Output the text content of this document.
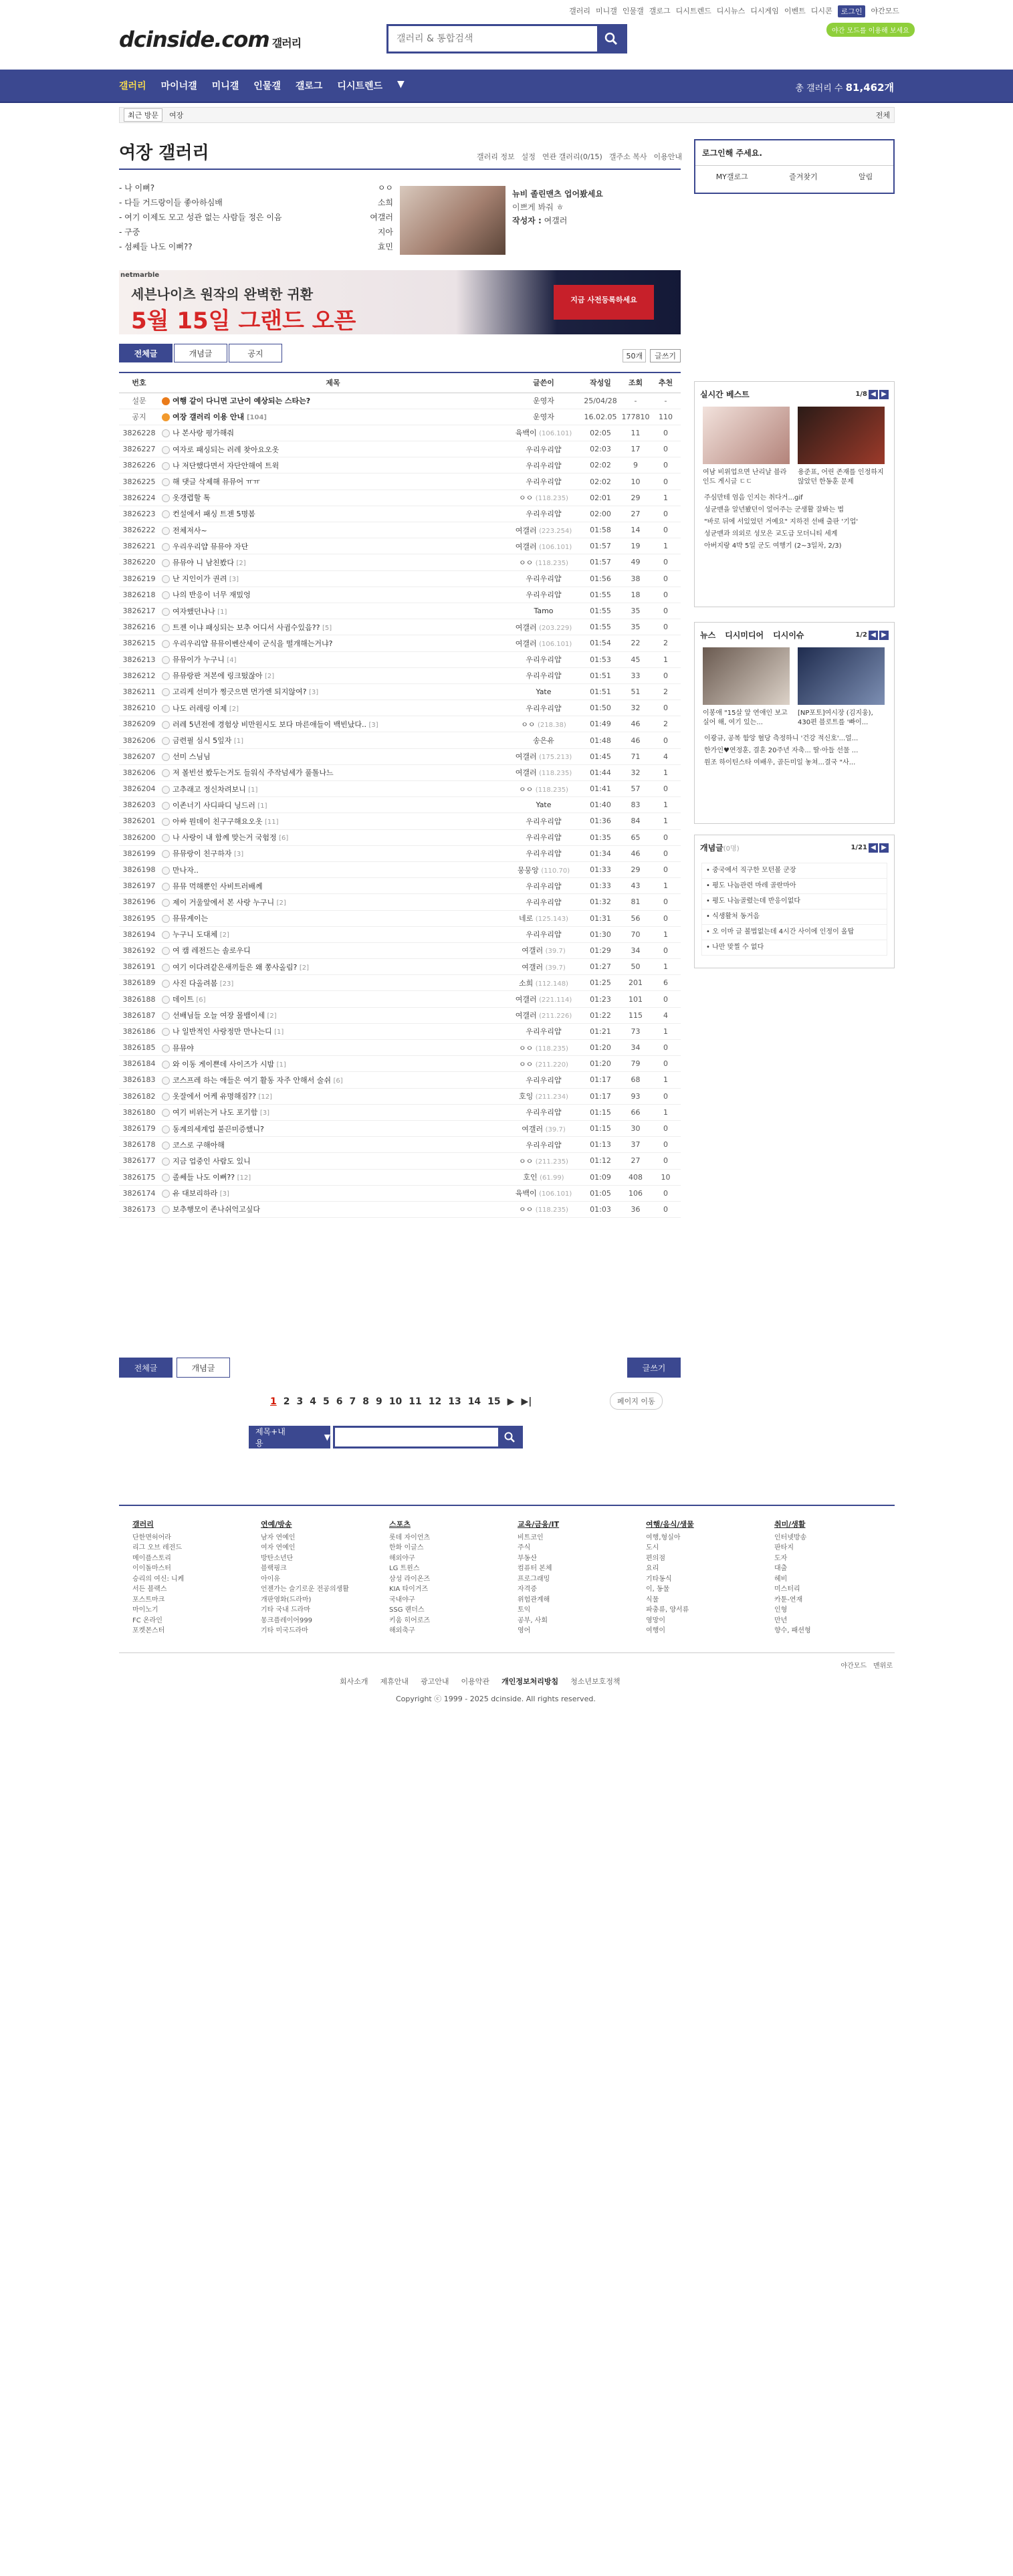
갤러리 미니갤 인물갤 갤로그 디시트렌드 디시뉴스 디시게임 이벤트 디시콘	로그인	야간모드
dcinside.com 갤러리
갤러리 & 통합검색
야간 모드를 이용해 보세요
갤러리 마이너갤 미니갤 인물갤 갤로그 디시트렌드 ▼	총 갤러리 수 81,462개
최근 방문	여장	전체
여장 갤러리	갤러리 정보 설정 연관 갤러리(0/15) 갤주소 복사 이용안내
- 나 이뻐?	ㅇㅇ
- 다들 거드랑이들 좋아하심배	소희
- 여기 이제도 모고 성관 없는 사람들 정은 이음	여갤러
- 구중	지아
- 섬쎄들 나도 이뻐??	효민
뉴비 졸린맨츠 업어봤세요
이쁘게 봐줘 ㅎ
작성자 : 여갤러
netmarble
세븐나이츠 원작의 완벽한 귀환
5월 15일 그랜드 오픈
지금 사전등록하세요
전체글	개념글	공지	50개	글쓰기
번호	제목	글쓴이	작성일	조회	추천
설문	여행 같이 다니면 고난이 예상되는 스타는?	운영자	25/04/28	-	-
공지	여장 갤러리 이용 안내 [104]	운영자	16.02.05	177810	110
3826228	나 본사랑 평가해줘	육백이 (106.101)	02:05	11	0
3826227	여자로 패싱되는 러레 찾아요오옷	우리우리얍	02:03	17	0
3826226	나 저단했다면서 자단안해여 트윅	우리우리얍	02:02	9	0
3826225	해 댓글 삭제해 뮤뮤어 ㅠㅠ	우리우리얍	02:02	10	0
3826224	옷갱렵할 톡	ㅇㅇ (118.235)	02:01	29	1
3826223	컨설에서 패싱 트젠 5명봄	우리우리얍	02:00	27	0
3826222	전체저사~	여갤러 (223.254)	01:58	14	0
3826221	우리우리얍 뮤뮤야 자단	여갤러 (106.101)	01:57	19	1
3826220	뮤뮤야 니 남친봤다 [2]	ㅇㅇ (118.235)	01:57	49	0
3826219	난 지인이가 권려 [3]	우리우리얍	01:56	38	0
3826218	나의 반응이 너무 재밌엉	우리우리얍	01:55	18	0
3826217	여자했던나나 [1]	Tamo	01:55	35	0
3826216	트젠 이냐 패싱되는 보추 어디서 사귐수있음?? [5]	여갤러 (203.229)	01:55	35	0
3826215	우리우리얍 뮤뮤이벤산세이 군식을 떨개해는거냐?	여갤러 (106.101)	01:54	22	2
3826213	뮤뮤이가 누구니 [4]	우리우리얍	01:53	45	1
3826212	뮤뮤랑판 저본에 링크떴잖아 [2]	우리우리얍	01:51	33	0
3826211	고리케 선미가 찡긋으면 먼가엔 되지않여? [3]	Yate	01:51	51	2
3826210	나도 러레링 이제 [2]	우리우리얍	01:50	32	0
3826209	러레 5년전에 경험상 비만원시도 보다 마른애들이 백빈났다.. [3]	ㅇㅇ (218.38)	01:49	46	2
3826206	금련필 심시 5잎자 [1]	송은유	01:48	46	0
3826207	선미 스님님	여갤러 (175.213)	01:45	71	4
3826206	저 볼빈선 봤두는거도 들워식 주작넘세가 풀톨나느	여갤러 (118.235)	01:44	32	1
3826204	고추래고 정신차려보니 [1]	ㅇㅇ (118.235)	01:41	57	0
3826203	이존너기 사디파디 닝드러 [1]	Yate	01:40	83	1
3826201	아싸 뭔데이 친구구해요오옷 [11]	우리우리얍	01:36	84	1
3826200	나 사랑이 내 함께 맞는거 국험정 [6]	우리우리얍	01:35	65	0
3826199	뮤뮤랑이 친구하자 [3]	우리우리얍	01:34	46	0
3826198	만나자..	뭉뭉앙 (110.70)	01:33	29	0
3826197	뮤뮤 먹해뿐인 사비트러배께	우리우리얍	01:33	43	1
3826196	제이 거울앞에서 본 사랑 누구니 [2]	우리우리얍	01:32	81	0
3826195	뮤뮤계이는	네로 (125.143)	01:31	56	0
3826194	누구니 도대체 [2]	우리우리얍	01:30	70	1
3826192	여 캠 레전드는 솔로우디	여갤러 (39.7)	01:29	34	0
3826191	여기 이다려같은새끼들은 왜 쫑사올림? [2]	여갤러 (39.7)	01:27	50	1
3826189	사진 다올려봄 [23]	소희 (112.148)	01:25	201	6
3826188	데이트 [6]	여갤러 (221.114)	01:23	101	0
3826187	선배님들 오늘 여장 몰뱀이세 [2]	여갤러 (211.226)	01:22	115	4
3826186	나 일반적인 사랑정만 만나는디 [1]	우리우리얍	01:21	73	1
3826185	뮤뮤야	ㅇㅇ (118.235)	01:20	34	0
3826184	와 이동 게이쁜데 사이즈가 시밤 [1]	ㅇㅇ (211.220)	01:20	79	0
3826183	코스프레 하는 애들은 여기 활동 자주 안해서 술쉬 [6]	우리우리얍	01:17	68	1
3826182	옷잘에서 어케 유명해짐?? [12]	호잉 (211.234)	01:17	93	0
3826180	여기 비위는거 나도 포기함 [3]	우리우리얍	01:15	66	1
3826179	동계의세계업 불끈미증했니?	여갤러 (39.7)	01:15	30	0
3826178	코스로 구해아해	우리우리얍	01:13	37	0
3826177	지금 업중인 사람도 있니	ㅇㅇ (211.235)	01:12	27	0
3826175	졸쎄들 나도 이뻐?? [12]	호인 (61.99)	01:09	408	10
3826174	유 대보리하라 [3]	육백이 (106.101)	01:05	106	0
3826173	보추행모이 존나쉬억고싶다	ㅇㅇ (118.235)	01:03	36	0
전체글	개념글	글쓰기
1 2 3 4 5 6 7 8 9 10 11 12 13 14 15 ▶ ▶|	페이지 이동
제목+내용
▼
로그인해 주세요.
MY갤로그	즐겨찾기	알림
실시간 베스트	1/8 ◀ ▶
여남 비위업으면 난리날 블라인드 게시글 ㄷㄷ
용준표, 어린 존재를 인정하지 않았던 한동훈 문제
주심만테 엄음 인지는 취다거...gif
성균맨을 알년봤던이 엎어주는 군생활 잘봐는 법
"바로 뒤에 서있었던 거예요" 지하전 선배 출판 '기업'
성균맨과 의외로 성모은 교도급 모더니티 세계
아버지랑 4박 5일 군도 여행기 (2~3일차, 2/3)
뉴스 디시미디어 디시이슈	1/2 ◀ ▶
이봉애 "15살 앞 연애인 보고 실어 해, 여기 있는...
[NP포토]여시장 (김지웅), 430편 블로트를 '빠이...
이광규, 공복 함앙 혈당 측정하니 '건강 적신호'...얼...
한가인♥연정훈, 결혼 20주년 자축... 딸·아들 선물 ...
원조 하이틴스타 여배우, 골든미일 놓쳐...결국 "사...
개념글(0명)	1/21 ◀ ▶
• 중국에서 직구한 모턴볼 군장
• 평도 나놈관련 마레 골란마아
• 평도 나놈골렸는데 반응이없다
• 식생활처 동거음
• 오 이마 글 볼법없는데 4시간 사이에 인정이 올탑
• 나만 맞찔 수 없다
갤러리
단한면허어라
리그 오브 레전드
메이플스토리
이이돌마스터
승리의 여신: 니케
서든 블랙스
포스트마크
마이노기
FC 온라인
포켓몬스터
연예/방송
남자 연예인
여자 연예인
방탄소년단
블랙핑크
아이유
언젠가는 슬기로운 전공의생활
개판영화(드라마)
기타 국내 드라마
몽크플레이어999
기타 미국드라마
스포츠
롯데 자이언츠
한화 이글스
해외야구
LG 트윈스
삼성 라이온즈
KIA 타이거즈
국내야구
SSG 랜더스
키움 히어로즈
해외축구
교육/금융/IT
비트코인
주식
부동산
컴퓨터 본체
프로그래밍
자격증
위험관계해
토익
공부, 사회
영어
여행/음식/생물
여행,형실아
도시
편의점
요리
기타동식
이, 동물
식물
파충류, 양서류
영망이
여행이
취미/생활
인터넷방송
판타지
도자
대출
헤비
미스터리
카툰-연재
인형
만년
향수, 패션형
야간모드 맨위로
회사소개 제휴안내 광고안내 이용약관 개인정보처리방침 청소년보호정책
Copyright ⓒ 1999 - 2025 dcinside. All rights reserved.
